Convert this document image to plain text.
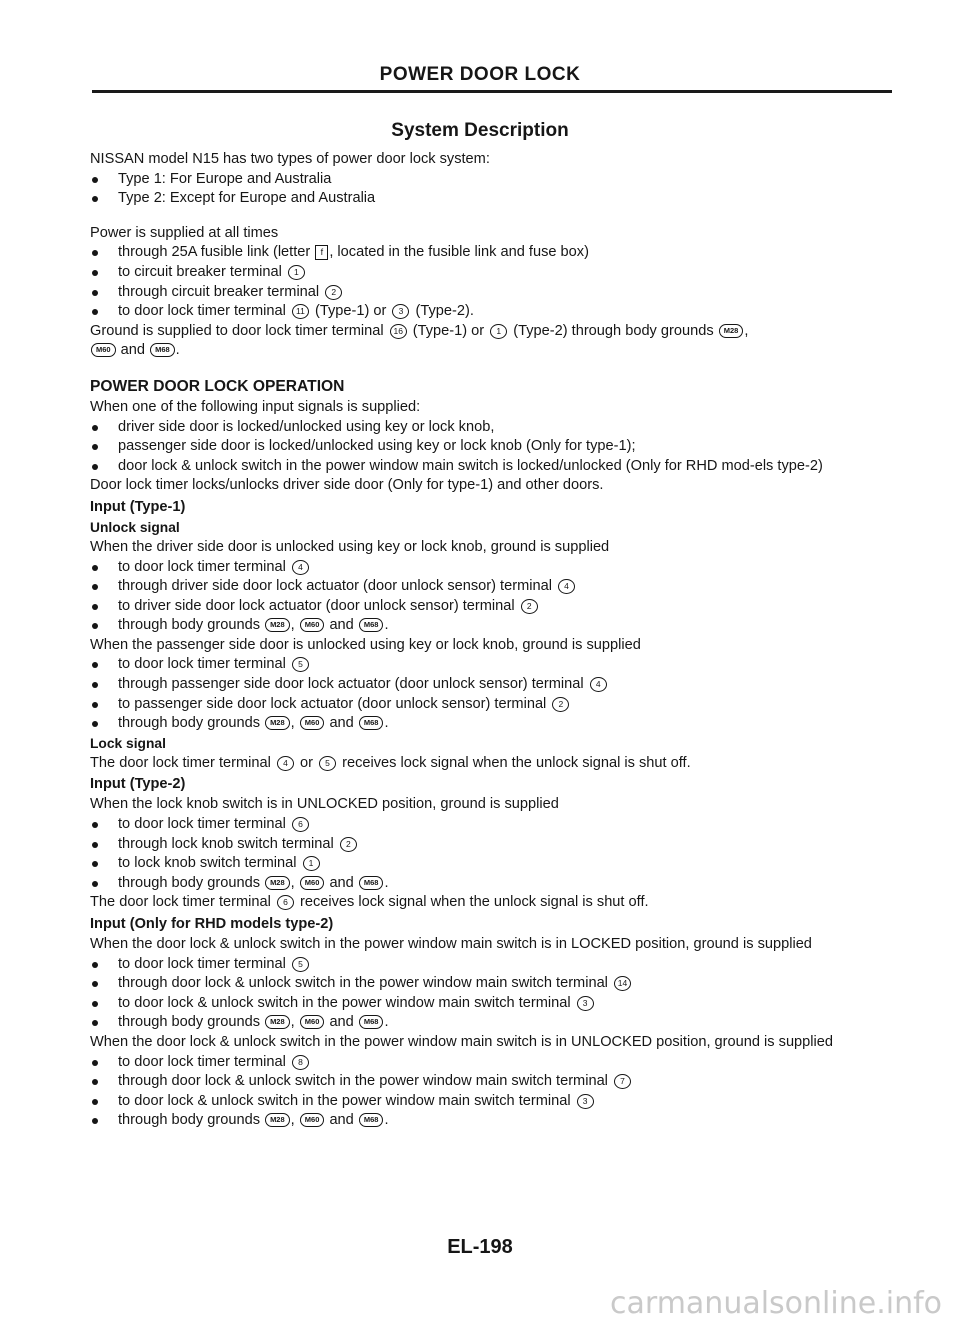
POWER DOOR LOCK
System Description

NISSAN model N15 has two types of power door lock system:

Type 1: For Europe and Australia

Type 2: Except for Europe and Australia

Power is supplied at all times

through 25A fusible link (letter f , located in the fusible link and fuse box)

to circuit breaker terminal 1

through circuit breaker terminal 2

to door lock timer terminal 11 (Type-1) or 3 (Type-2).

Ground is supplied to door lock timer terminal 16 (Type-1) or 1 (Type-2) through body grounds M28 ,
M60 and M68 .

POWER DOOR LOCK OPERATION

When one of the following input signals is supplied:

driver side door is locked/unlocked using key or lock knob,

passenger side door is locked/unlocked using key or lock knob (Only for type-1);

door lock & unlock switch in the power window main switch is locked/unlocked (Only for RHD mod-els type-2)

Door lock timer locks/unlocks driver side door (Only for type-1) and other doors.

Input (Type-1)

Unlock signal

When the driver side door is unlocked using key or lock knob, ground is supplied

to door lock timer terminal 4

through driver side door lock actuator (door unlock sensor) terminal 4

to driver side door lock actuator (door unlock sensor) terminal 2

through body grounds M28 , M60 and M68 .

When the passenger side door is unlocked using key or lock knob, ground is supplied

to door lock timer terminal 5

through passenger side door lock actuator (door unlock sensor) terminal 4

to passenger side door lock actuator (door unlock sensor) terminal 2

through body grounds M28 , M60 and M68 .

Lock signal

The door lock timer terminal 4 or 5 receives lock signal when the unlock signal is shut off.

Input (Type-2)

When the lock knob switch is in UNLOCKED position, ground is supplied

to door lock timer terminal 6

through lock knob switch terminal 2

to lock knob switch terminal 1

through body grounds M28 , M60 and M68 .

The door lock timer terminal 6 receives lock signal when the unlock signal is shut off.

Input (Only for RHD models type-2)

When the door lock & unlock switch in the power window main switch is in LOCKED position, ground is supplied

to door lock timer terminal 5

through door lock & unlock switch in the power window main switch terminal 14

to door lock & unlock switch in the power window main switch terminal 3

through body grounds M28 , M60 and M68 .

When the door lock & unlock switch in the power window main switch is in UNLOCKED position, ground is supplied

to door lock timer terminal 8

through door lock & unlock switch in the power window main switch terminal 7

to door lock & unlock switch in the power window main switch terminal 3

through body grounds M28 , M60 and M68 .

EL-198
carmanualsonline.info
